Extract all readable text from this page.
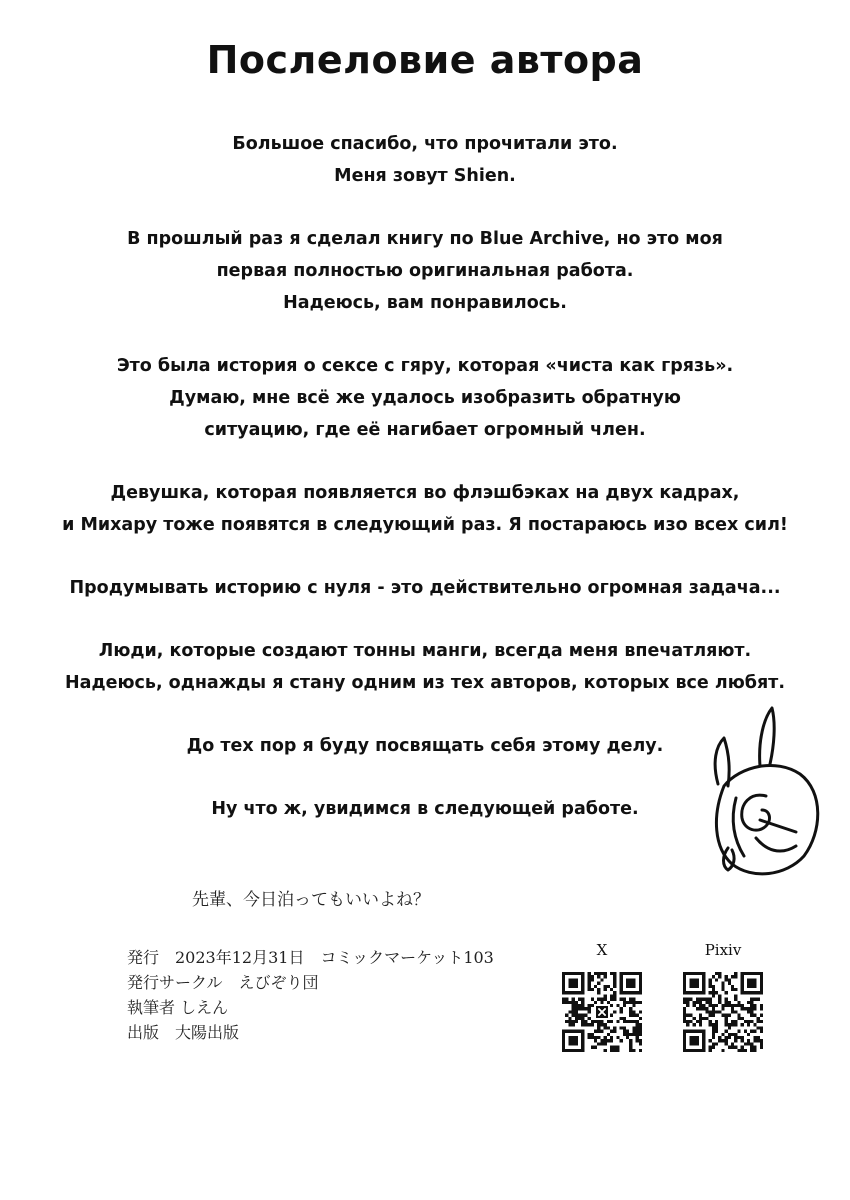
Послеловие автора
Большое спасибо, что прочитали это.
Меня зовут Shien.
В прошлый раз я сделал книгу по Blue Archive, но это моя
первая полностью оригинальная работа.
Надеюсь, вам понравилось.
Это была история о сексе с гяру, которая «чиста как грязь».
Думаю, мне всё же удалось изобразить обратную
ситуацию, где её нагибает огромный член.
Девушка, которая появляется во флэшбэках на двух кадрах,
и Михару тоже появятся в следующий раз. Я постараюсь изо всех сил!
Продумывать историю с нуля - это действительно огромная задача...
Люди, которые создают тонны манги, всегда меня впечатляют.
Надеюсь, однажды я стану одним из тех авторов, которых все любят.
До тех пор я буду посвящать себя этому делу.
Ну что ж, увидимся в следующей работе.
先輩、今日泊ってもいいよね？
発行　2023年12月31日　コミックマーケット103
発行サークル　えびぞり団
執筆者 しえん
出版　大陽出版
X	Pixiv
